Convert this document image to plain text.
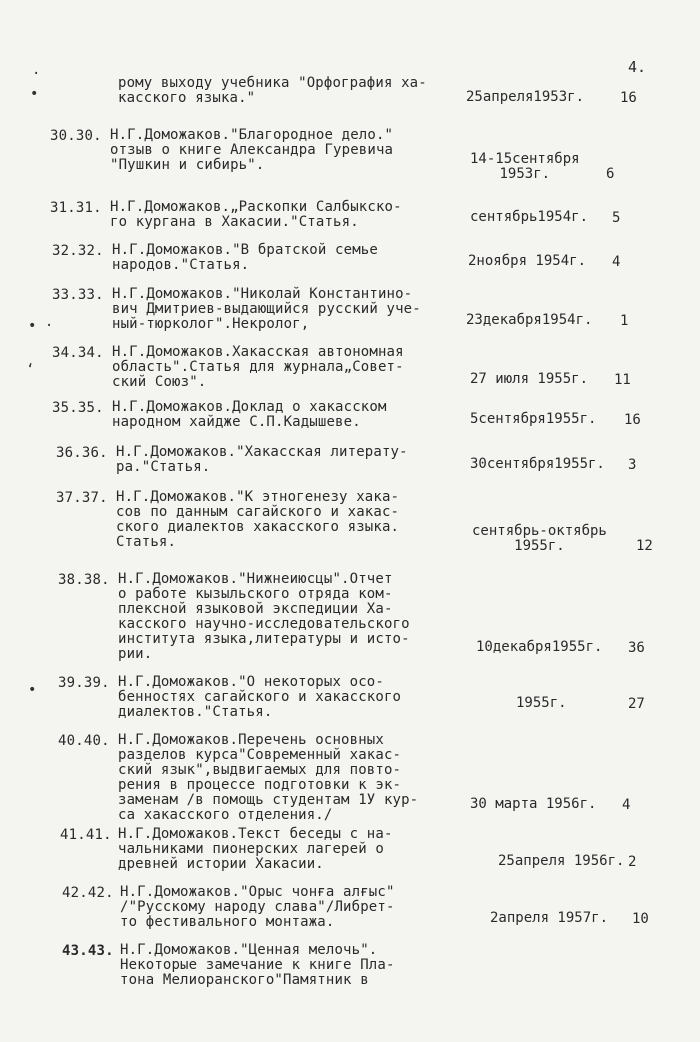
4.
·
•
• ·
‘
•
рому выходу учебника "Орфография ха-
касского языка."	25апреля1953г.	16
30.30. Н.Г.Доможаков."Благородное дело."
отзыв о книге Александра Гуревича
"Пушкин и сибирь".	14-15сентября
1953г.	6
31.31. Н.Г.Доможаков.„Раскопки Салбыкско-
го кургана в Хакасии."Статья.	сентябрь1954г. 5
32.32. Н.Г.Доможаков."В братской семье
народов."Статья.	2ноября 1954г. 4
33.33. Н.Г.Доможаков."Николай Константино-
вич Дмитриев-выдающийся русский уче-
ный-тюрколог".Некролог,	23декабря1954г. 1
34.34. Н.Г.Доможаков.Хакасская автономная
область".Статья для журнала„Совет-
ский Союз".	27 июля 1955г. 11
35.35. Н.Г.Доможаков.Доклад о хакасском
народном хайдже С.П.Кадышеве.	5сентября1955г. 16
36.36. Н.Г.Доможаков."Хакасская литерату-
ра."Статья.	30сентября1955г. 3
37.37. Н.Г.Доможаков."К этногенезу хака-
сов по данным сагайского и хакас-
ского диалектов хакасского языка.
Статья.
сентябрь-октябрь
1955г.	12
38.38. Н.Г.Доможаков."Нижнеиюсцы".Отчет
о работе кызыльского отряда ком-
плексной языковой экспедиции Ха-
касского научно-исследовательского
института языка,литературы и исто-
рии.	10декабря1955г. 36
39.39. Н.Г.Доможаков."О некоторых осо-
бенностях сагайского и хакасского
диалектов."Статья.
1955г.	27
40.40. Н.Г.Доможаков.Перечень основных
разделов курса"Современный хакас-
ский язык",выдвигаемых для повто-
рения в процессе подготовки к эк-
заменам /в помощь студентам 1У кур-
са хакасского отделения./
30 марта 1956г. 4
41.41. Н.Г.Доможаков.Текст беседы с на-
чальниками пионерских лагерей о
древней истории Хакасии.	25апреля 1956г. 2
42.42. Н.Г.Доможаков."Орыс чонға алғыс"
/"Русскому народу слава"/Либрет-
то фестивального монтажа.	2апреля 1957г. 10
43.43. Н.Г.Доможаков."Ценная мелочь".
Некоторые замечание к книге Пла-
тона Мелиоранского"Памятник в
